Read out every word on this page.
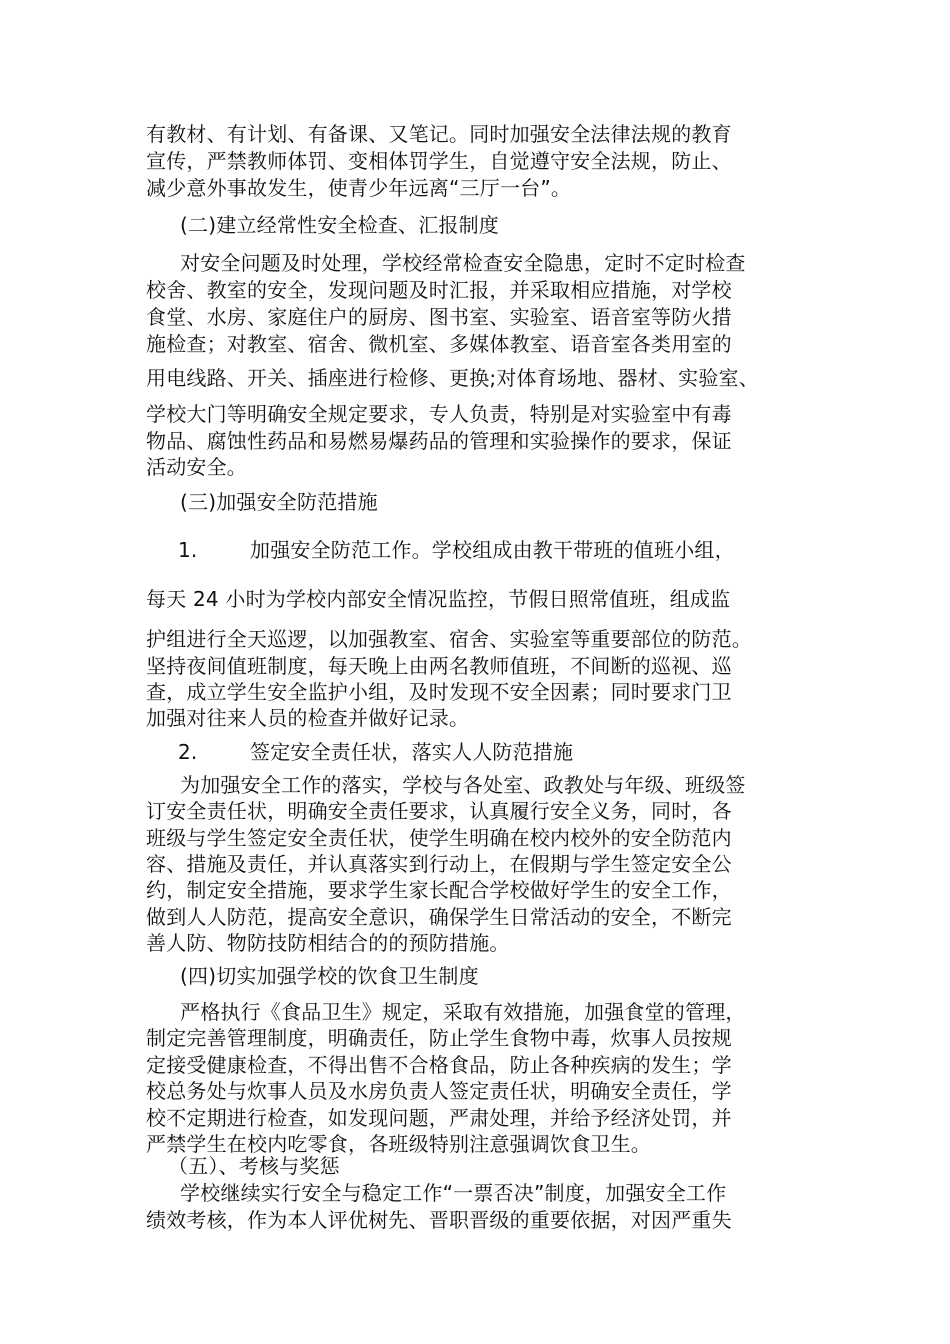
有教材、有计划、有备课、又笔记。同时加强安全法律法规的教育
宣传，严禁教师体罚、变相体罚学生，自觉遵守安全法规，防止、
减少意外事故发生，使青少年远离“三厅一台”。
(二)建立经常性安全检查、汇报制度
对安全问题及时处理，学校经常检查安全隐患，定时不定时检查
校舍、教室的安全，发现问题及时汇报，并采取相应措施，对学校
食堂、水房、家庭住户的厨房、图书室、实验室、语音室等防火措
施检查；对教室、宿舍、微机室、多媒体教室、语音室各类用室的
用电线路、开关、插座进行检修、更换;对体育场地、器材、实验室、
学校大门等明确安全规定要求，专人负责，特别是对实验室中有毒
物品、腐蚀性药品和易燃易爆药品的管理和实验操作的要求，保证
活动安全。
(三)加强安全防范措施
1.	加强安全防范工作。学校组成由教干带班的值班小组，
每天 24 小时为学校内部安全情况监控，节假日照常值班，组成监
护组进行全天巡逻，以加强教室、宿舍、实验室等重要部位的防范。
坚持夜间值班制度，每天晚上由两名教师值班，不间断的巡视、巡
查，成立学生安全监护小组，及时发现不安全因素；同时要求门卫
加强对往来人员的检查并做好记录。
2.	签定安全责任状，落实人人防范措施
为加强安全工作的落实，学校与各处室、政教处与年级、班级签
订安全责任状，明确安全责任要求，认真履行安全义务，同时，各
班级与学生签定安全责任状，使学生明确在校内校外的安全防范内
容、措施及责任，并认真落实到行动上，在假期与学生签定安全公
约，制定安全措施，要求学生家长配合学校做好学生的安全工作，
做到人人防范，提高安全意识，确保学生日常活动的安全，不断完
善人防、物防技防相结合的的预防措施。
(四)切实加强学校的饮食卫生制度
严格执行《食品卫生》规定，采取有效措施，加强食堂的管理，
制定完善管理制度，明确责任，防止学生食物中毒，炊事人员按规
定接受健康检查，不得出售不合格食品，防止各种疾病的发生；学
校总务处与炊事人员及水房负责人签定责任状，明确安全责任，学
校不定期进行检查，如发现问题，严肃处理，并给予经济处罚，并
严禁学生在校内吃零食，各班级特别注意强调饮食卫生。
（五）、考核与奖惩
学校继续实行安全与稳定工作“一票否决”制度，加强安全工作
绩效考核，作为本人评优树先、晋职晋级的重要依据，对因严重失
